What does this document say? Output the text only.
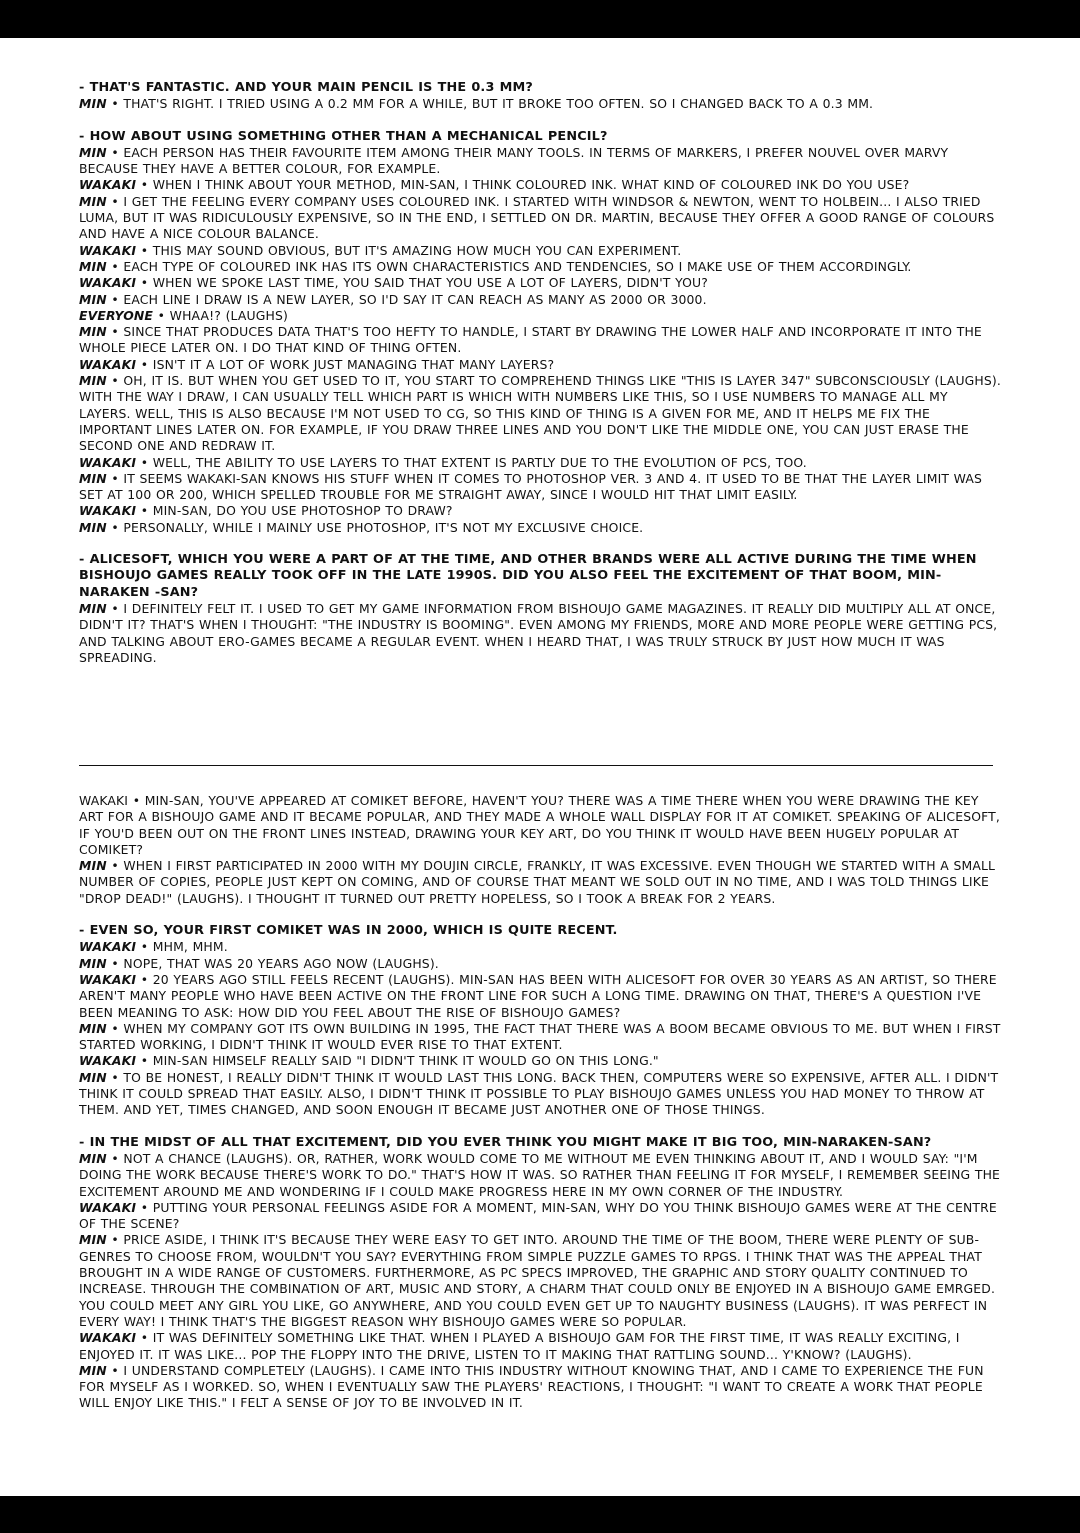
- THAT'S FANTASTIC. AND YOUR MAIN PENCIL IS THE 0.3 MM?

MIN • THAT'S RIGHT. I TRIED USING A 0.2 MM FOR A WHILE, BUT IT BROKE TOO OFTEN. SO I CHANGED BACK TO A 0.3 MM.

- HOW ABOUT USING SOMETHING OTHER THAN A MECHANICAL PENCIL?

MIN • EACH PERSON HAS THEIR FAVOURITE ITEM AMONG THEIR MANY TOOLS. IN TERMS OF MARKERS, I PREFER NOUVEL OVER MARVY BECAUSE THEY HAVE A BETTER COLOUR, FOR EXAMPLE.

WAKAKI • WHEN I THINK ABOUT YOUR METHOD, MIN-SAN, I THINK COLOURED INK. WHAT KIND OF COLOURED INK DO YOU USE?

MIN • I GET THE FEELING EVERY COMPANY USES COLOURED INK. I STARTED WITH WINDSOR & NEWTON, WENT TO HOLBEIN... I ALSO TRIED LUMA, BUT IT WAS RIDICULOUSLY EXPENSIVE, SO IN THE END, I SETTLED ON DR. MARTIN, BECAUSE THEY OFFER A GOOD RANGE OF COLOURS AND HAVE A NICE COLOUR BALANCE.

WAKAKI • THIS MAY SOUND OBVIOUS, BUT IT'S AMAZING HOW MUCH YOU CAN EXPERIMENT.

MIN • EACH TYPE OF COLOURED INK HAS ITS OWN CHARACTERISTICS AND TENDENCIES, SO I MAKE USE OF THEM ACCORDINGLY.

WAKAKI • WHEN WE SPOKE LAST TIME, YOU SAID THAT YOU USE A LOT OF LAYERS, DIDN'T YOU?

MIN • EACH LINE I DRAW IS A NEW LAYER, SO I'D SAY IT CAN REACH AS MANY AS 2000 OR 3000.

EVERYONE • WHAA!? (LAUGHS)

MIN • SINCE THAT PRODUCES DATA THAT'S TOO HEFTY TO HANDLE, I START BY DRAWING THE LOWER HALF AND INCORPORATE IT INTO THE WHOLE PIECE LATER ON. I DO THAT KIND OF THING OFTEN.

WAKAKI • ISN'T IT A LOT OF WORK JUST MANAGING THAT MANY LAYERS?

MIN • OH, IT IS. BUT WHEN YOU GET USED TO IT, YOU START TO COMPREHEND THINGS LIKE "THIS IS LAYER 347" SUBCONSCIOUSLY (LAUGHS). WITH THE WAY I DRAW, I CAN USUALLY TELL WHICH PART IS WHICH WITH NUMBERS LIKE THIS, SO I USE NUMBERS TO MANAGE ALL MY LAYERS. WELL, THIS IS ALSO BECAUSE I'M NOT USED TO CG, SO THIS KIND OF THING IS A GIVEN FOR ME, AND IT HELPS ME FIX THE IMPORTANT LINES LATER ON. FOR EXAMPLE, IF YOU DRAW THREE LINES AND YOU DON'T LIKE THE MIDDLE ONE, YOU CAN JUST ERASE THE SECOND ONE AND REDRAW IT.

WAKAKI • WELL, THE ABILITY TO USE LAYERS TO THAT EXTENT IS PARTLY DUE TO THE EVOLUTION OF PCS, TOO.

MIN • IT SEEMS WAKAKI-SAN KNOWS HIS STUFF WHEN IT COMES TO PHOTOSHOP VER. 3 AND 4. IT USED TO BE THAT THE LAYER LIMIT WAS SET AT 100 OR 200, WHICH SPELLED TROUBLE FOR ME STRAIGHT AWAY, SINCE I WOULD HIT THAT LIMIT EASILY.

WAKAKI • MIN-SAN, DO YOU USE PHOTOSHOP TO DRAW?

MIN • PERSONALLY, WHILE I MAINLY USE PHOTOSHOP, IT'S NOT MY EXCLUSIVE CHOICE.

- ALICESOFT, WHICH YOU WERE A PART OF AT THE TIME, AND OTHER BRANDS WERE ALL ACTIVE DURING THE TIME WHEN BISHOUJO GAMES REALLY TOOK OFF IN THE LATE 1990S. DID YOU ALSO FEEL THE EXCITEMENT OF THAT BOOM, MIN-NARAKEN -SAN?

MIN • I DEFINITELY FELT IT. I USED TO GET MY GAME INFORMATION FROM BISHOUJO GAME MAGAZINES. IT REALLY DID MULTIPLY ALL AT ONCE, DIDN'T IT? THAT'S WHEN I THOUGHT: "THE INDUSTRY IS BOOMING". EVEN AMONG MY FRIENDS, MORE AND MORE PEOPLE WERE GETTING PCS, AND TALKING ABOUT ERO-GAMES BECAME A REGULAR EVENT. WHEN I HEARD THAT, I WAS TRULY STRUCK BY JUST HOW MUCH IT WAS SPREADING.

WAKAKI • MIN-SAN, YOU'VE APPEARED AT COMIKET BEFORE, HAVEN'T YOU? THERE WAS A TIME THERE WHEN YOU WERE DRAWING THE KEY ART FOR A BISHOUJO GAME AND IT BECAME POPULAR, AND THEY MADE A WHOLE WALL DISPLAY FOR IT AT COMIKET. SPEAKING OF ALICESOFT, IF YOU'D BEEN OUT ON THE FRONT LINES INSTEAD, DRAWING YOUR KEY ART, DO YOU THINK IT WOULD HAVE BEEN HUGELY POPULAR AT COMIKET?

MIN • WHEN I FIRST PARTICIPATED IN 2000 WITH MY DOUJIN CIRCLE, FRANKLY, IT WAS EXCESSIVE. EVEN THOUGH WE STARTED WITH A SMALL NUMBER OF COPIES, PEOPLE JUST KEPT ON COMING, AND OF COURSE THAT MEANT WE SOLD OUT IN NO TIME, AND I WAS TOLD THINGS LIKE "DROP DEAD!" (LAUGHS). I THOUGHT IT TURNED OUT PRETTY HOPELESS, SO I TOOK A BREAK FOR 2 YEARS.

- EVEN SO, YOUR FIRST COMIKET WAS IN 2000, WHICH IS QUITE RECENT.

WAKAKI • MHM, MHM.

MIN • NOPE, THAT WAS 20 YEARS AGO NOW (LAUGHS).

WAKAKI • 20 YEARS AGO STILL FEELS RECENT (LAUGHS). MIN-SAN HAS BEEN WITH ALICESOFT FOR OVER 30 YEARS AS AN ARTIST, SO THERE AREN'T MANY PEOPLE WHO HAVE BEEN ACTIVE ON THE FRONT LINE FOR SUCH A LONG TIME. DRAWING ON THAT, THERE'S A QUESTION I'VE BEEN MEANING TO ASK: HOW DID YOU FEEL ABOUT THE RISE OF BISHOUJO GAMES?

MIN • WHEN MY COMPANY GOT ITS OWN BUILDING IN 1995, THE FACT THAT THERE WAS A BOOM BECAME OBVIOUS TO ME. BUT WHEN I FIRST STARTED WORKING, I DIDN'T THINK IT WOULD EVER RISE TO THAT EXTENT.

WAKAKI • MIN-SAN HIMSELF REALLY SAID "I DIDN'T THINK IT WOULD GO ON THIS LONG."

MIN • TO BE HONEST, I REALLY DIDN'T THINK IT WOULD LAST THIS LONG. BACK THEN, COMPUTERS WERE SO EXPENSIVE, AFTER ALL. I DIDN'T THINK IT COULD SPREAD THAT EASILY. ALSO, I DIDN'T THINK IT POSSIBLE TO PLAY BISHOUJO GAMES UNLESS YOU HAD MONEY TO THROW AT THEM. AND YET, TIMES CHANGED, AND SOON ENOUGH IT BECAME JUST ANOTHER ONE OF THOSE THINGS.

- IN THE MIDST OF ALL THAT EXCITEMENT, DID YOU EVER THINK YOU MIGHT MAKE IT BIG TOO, MIN-NARAKEN-SAN?

MIN • NOT A CHANCE (LAUGHS). OR, RATHER, WORK WOULD COME TO ME WITHOUT ME EVEN THINKING ABOUT IT, AND I WOULD SAY: "I'M DOING THE WORK BECAUSE THERE'S WORK TO DO." THAT'S HOW IT WAS. SO RATHER THAN FEELING IT FOR MYSELF, I REMEMBER SEEING THE EXCITEMENT AROUND ME AND WONDERING IF I COULD MAKE PROGRESS HERE IN MY OWN CORNER OF THE INDUSTRY.

WAKAKI • PUTTING YOUR PERSONAL FEELINGS ASIDE FOR A MOMENT, MIN-SAN, WHY DO YOU THINK BISHOUJO GAMES WERE AT THE CENTRE OF THE SCENE?

MIN • PRICE ASIDE, I THINK IT'S BECAUSE THEY WERE EASY TO GET INTO. AROUND THE TIME OF THE BOOM, THERE WERE PLENTY OF SUB-GENRES TO CHOOSE FROM, WOULDN'T YOU SAY? EVERYTHING FROM SIMPLE PUZZLE GAMES TO RPGS. I THINK THAT WAS THE APPEAL THAT BROUGHT IN A WIDE RANGE OF CUSTOMERS. FURTHERMORE, AS PC SPECS IMPROVED, THE GRAPHIC AND STORY QUALITY CONTINUED TO INCREASE. THROUGH THE COMBINATION OF ART, MUSIC AND STORY, A CHARM THAT COULD ONLY BE ENJOYED IN A BISHOUJO GAME EMRGED. YOU COULD MEET ANY GIRL YOU LIKE, GO ANYWHERE, AND YOU COULD EVEN GET UP TO NAUGHTY BUSINESS (LAUGHS). IT WAS PERFECT IN EVERY WAY! I THINK THAT'S THE BIGGEST REASON WHY BISHOUJO GAMES WERE SO POPULAR.

WAKAKI • IT WAS DEFINITELY SOMETHING LIKE THAT. WHEN I PLAYED A BISHOUJO GAM FOR THE FIRST TIME, IT WAS REALLY EXCITING, I ENJOYED IT. IT WAS LIKE... POP THE FLOPPY INTO THE DRIVE, LISTEN TO IT MAKING THAT RATTLING SOUND... Y'KNOW? (LAUGHS).

MIN • I UNDERSTAND COMPLETELY (LAUGHS). I CAME INTO THIS INDUSTRY WITHOUT KNOWING THAT, AND I CAME TO EXPERIENCE THE FUN FOR MYSELF AS I WORKED. SO, WHEN I EVENTUALLY SAW THE PLAYERS' REACTIONS, I THOUGHT: "I WANT TO CREATE A WORK THAT PEOPLE WILL ENJOY LIKE THIS." I FELT A SENSE OF JOY TO BE INVOLVED IN IT.
